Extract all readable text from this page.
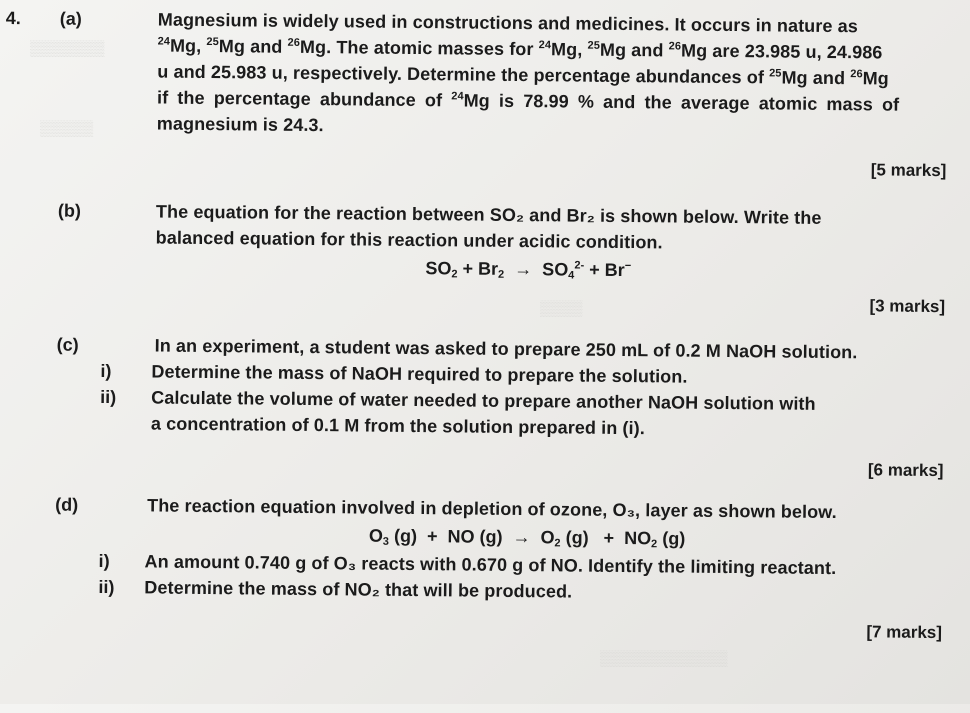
▒▒▒▒▒▒▒
▒▒▒▒▒
▒▒▒▒
▒▒▒▒▒▒▒▒▒▒▒▒
4. (a)	Magnesium is widely used in constructions and medicines. It occurs in nature as
$^{24}$Mg, $^{25}$Mg and $^{26}$Mg. The atomic masses for $^{24}$Mg, $^{25}$Mg and $^{26}$Mg are 23.985 u, 24.986
u and 25.983 u, respectively. Determine the percentage abundances of $^{25}$Mg and $^{26}$Mg
if the percentage abundance of $^{24}$Mg is 78.99 % and the average atomic mass of
magnesium is 24.3.
[5 marks]
(b)	The equation for the reaction between SO₂ and Br₂ is shown below. Write the
balanced equation for this reaction under acidic condition.
$SO_2 + Br_2 \to SO_4^{2-} + Br^-$
[3 marks]
(c)	In an experiment, a student was asked to prepare 250 mL of 0.2 M NaOH solution.
i) Determine the mass of NaOH required to prepare the solution.
ii) Calculate the volume of water needed to prepare another NaOH solution with
a concentration of 0.1 M from the solution prepared in (i).
[6 marks]
(d)	The reaction equation involved in depletion of ozone, O₃, layer as shown below.
$O_3$ (g)  +  NO $(g) \to O_2$ $(g) + NO_2$ (g)
i) An amount 0.740 g of O₃ reacts with 0.670 g of NO. Identify the limiting reactant.
ii) Determine the mass of NO₂ that will be produced.
[7 marks]
